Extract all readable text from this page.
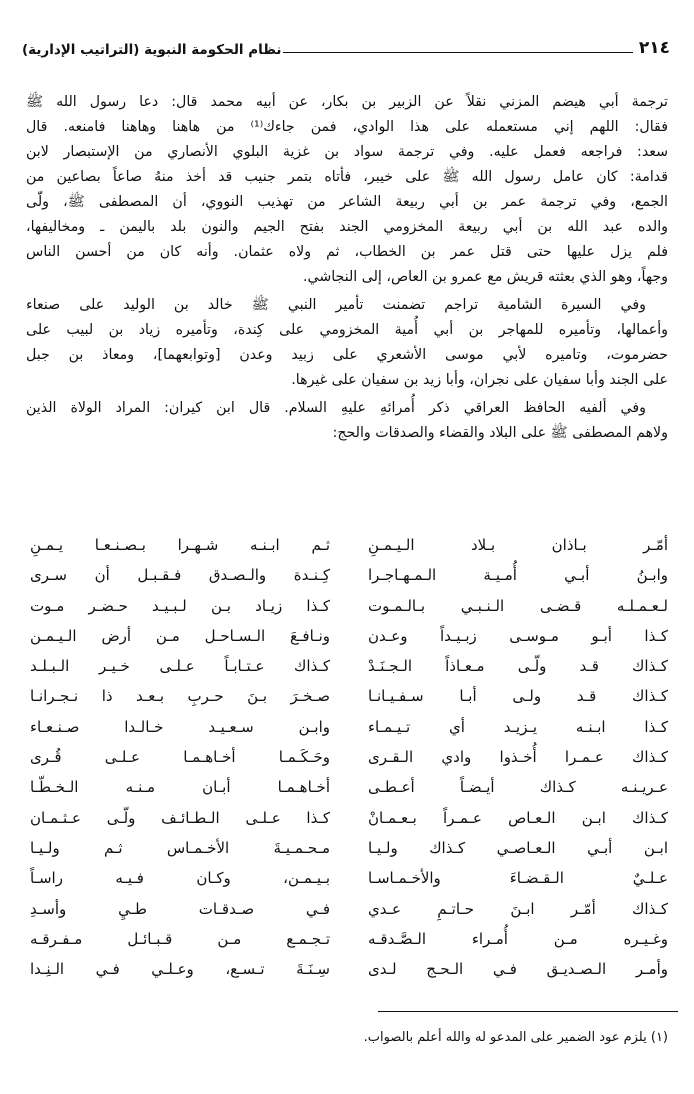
٢١٤
نظام الحكومة النبوية (التراتيب الإدارية)
ترجمة أبي هيضم المزني نقلاً عن الزبير بن بكار، عن أبيه محمد قال: دعا رسول الله ﷺ
فقال: اللهم إني مستعمله على هذا الوادي، فمن جاءك⁽¹⁾ من هاهنا وهاهنا فامنعه. قال
سعد: فراجعه فعمل عليه. وفي ترجمة سواد بن غزية البلوي الأنصاري من الإستبصار لابن
قدامة: كان عامل رسول الله ﷺ على خيبر، فأتاه بتمر جنيب قد أخذ منهُ صاعاً بصاعين من
الجمع، وفي ترجمة عمر بن أبي ربيعة الشاعر من تهذيب النووي، أن المصطفى ﷺ، ولّى
والده عبد الله بن أبي ربيعة المخزومي الجند بفتح الجيم والنون بلد باليمن ـ ومخاليفها،
فلم يزل عليها حتى قتل عمر بن الخطاب، ثم ولاه عثمان. وأنه كان من أحسن الناس
وجهاً، وهو الذي بعثته قريش مع عمرو بن العاص، إلى النجاشي.
وفي السيرة الشامية تراجم تضمنت تأمير النبي ﷺ خالد بن الوليد على صنعاء
وأعمالها، وتأميره للمهاجر بن أبي أُمية المخزومي على كِندة، وتأميره زياد بن لبيب على
حضرموت، وتاميره لأبي موسى الأشعري على زبيد وعدن [وتوابعهما]، ومعاذ بن جبل
على الجند وأبا سفيان على نجران، وأبا زيد بن سفيان على غيرها.
وفي ألفيه الحافظ العراقي ذكر أُمرائهِ عليهِ السلام. قال ابن كيران: المراد الولاة الذين
ولاهم المصطفى ﷺ على البلاد والقضاء والصدقات والحج:
أمّـر بـاذان بـلاد الـيـمـنِ
ثـم ابـنـه شـهـرا بـصـنـعـا يـمـنِ
وابـنُ أبـي أُمـيـة الـمـهـاجـرا
كِـنـدة والـصـدق فـقـبـل أن سـرى
لـعـمـلـه قـضـى الـنـبـي بـالـمـوت
كـذا زيـاد بـن لـبـيـد حـضـر مـوت
كـذا أبـو مـوسـى زبـيـداً وعـدن
ونـافـعَ الـسـاحـل مـن أرض الـيـمـن
كـذاك قـد ولّـى مـعـاذاً الـجـنَـدْ
كـذاك عـتـابـاً عـلـى خـيـر الـبـلـد
كـذاك قـد ولـى أبـا سـفـيـانـا
صـخـرَ بـنَ حـربِ بـعـد ذا نـجـرانـا
كـذا ابـنـه يـزيـد أي تـيـمـاء
وابـن سـعـيـد خـالـدا صـنـعـاء
كـذاك عـمـرا أُخـذوا وادي الـقـرى
وحَـكَـمـا أخـاهـمـا عـلـى قُـرى
عـريـنـه كـذاك أيـضـاً أعـطـى
أخـاهـمـا أبـان مـنـه الـخـطّـا
كـذاك ابـن الـعـاص عـمـراً بـعـمـانْ
كـذا عـلـى الـطـائـف ولّـى عـثـمـان
ابـن أبـي الـعـاصـي كـذاك ولـيـا
مـحـمـيـةَ الأخـمـاس ثـم ولـيـا
عـلـيٌ الـقـضـاءَ والأخـمـاسـا
بـيـمـن، وكـان فـيـه راسـاً
كـذاك أمّـر ابـنَ حـاتـمِ عـدي
فـي صـدقـات طـيِ وأسـدِ
وغـيـره مـن أُمـراء الـصَّـدقـه
تـجـمـع مـن قـبـائـل مـفـرقـه
وأمـر الـصـديـق فـي الـحـج لـدى
سِـنَـةَ تـسـع، وعـلـي فـي الـنِـدا
(١) يلزم عود الضمير على المدعو له والله أعلم بالصواب.
